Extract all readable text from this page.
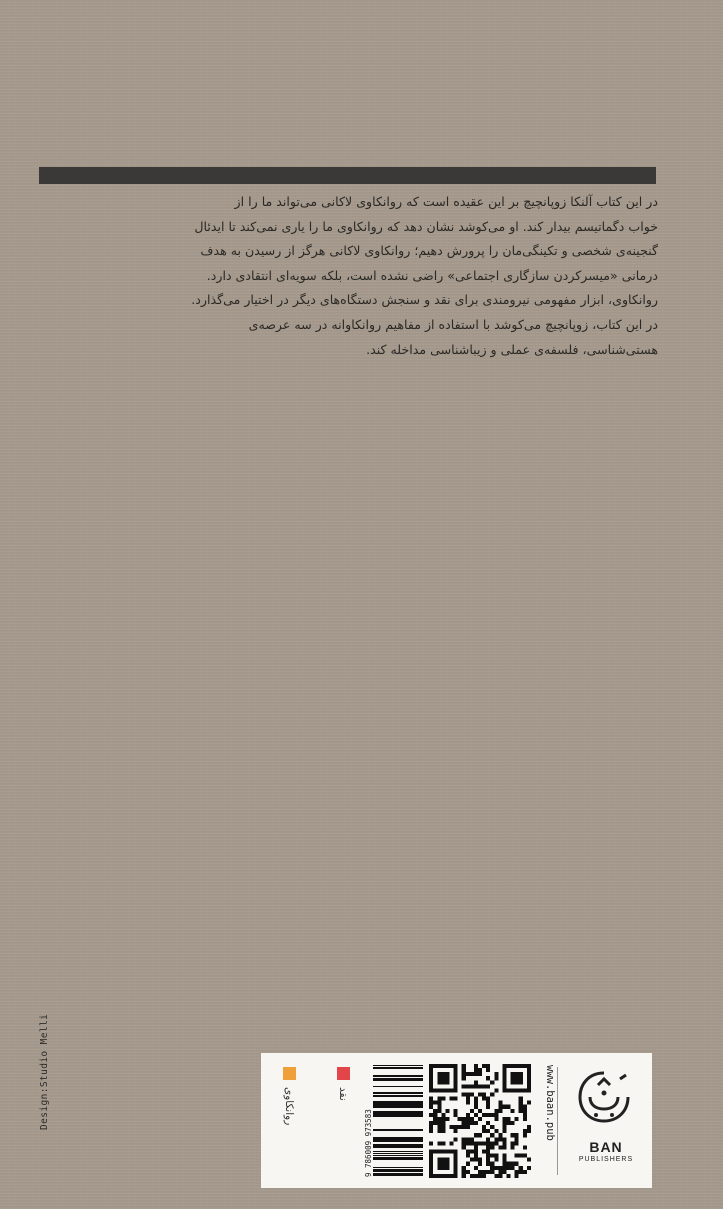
در این کتاب آلنکا زوپانچیچ بر این عقیده است که روانکاوی لاکانی می‌تواند ما را از

خواب دگماتیسم بیدار کند. او می‌کوشد نشان دهد که روانکاوی ما را یاری نمی‌کند تا ایدئال

گنجینه‌ی شخصی و تکینگی‌مان را پرورش دهیم؛ روانکاوی لاکانی هرگز از رسیدن به هدف

درمانی «میسرکردن سازگاری اجتماعی» راضی نشده است، بلکه سویه‌ای انتقادی دارد.

روانکاوی، ابزار مفهومی نیرومندی برای نقد و سنجش دستگاه‌های دیگر در اختیار می‌گذارد.

در این کتاب، زوپانچیچ می‌کوشد با استفاده از مفاهیم روانکاوانه در سه عرصه‌ی

هستی‌شناسی، فلسفه‌ی عملی و زیباشناسی مداخله کند.

Design:Studio Melli	روانکاوی	نقد
9 786009 973583
www.baan.pub
BAN
PUBLISHERS
